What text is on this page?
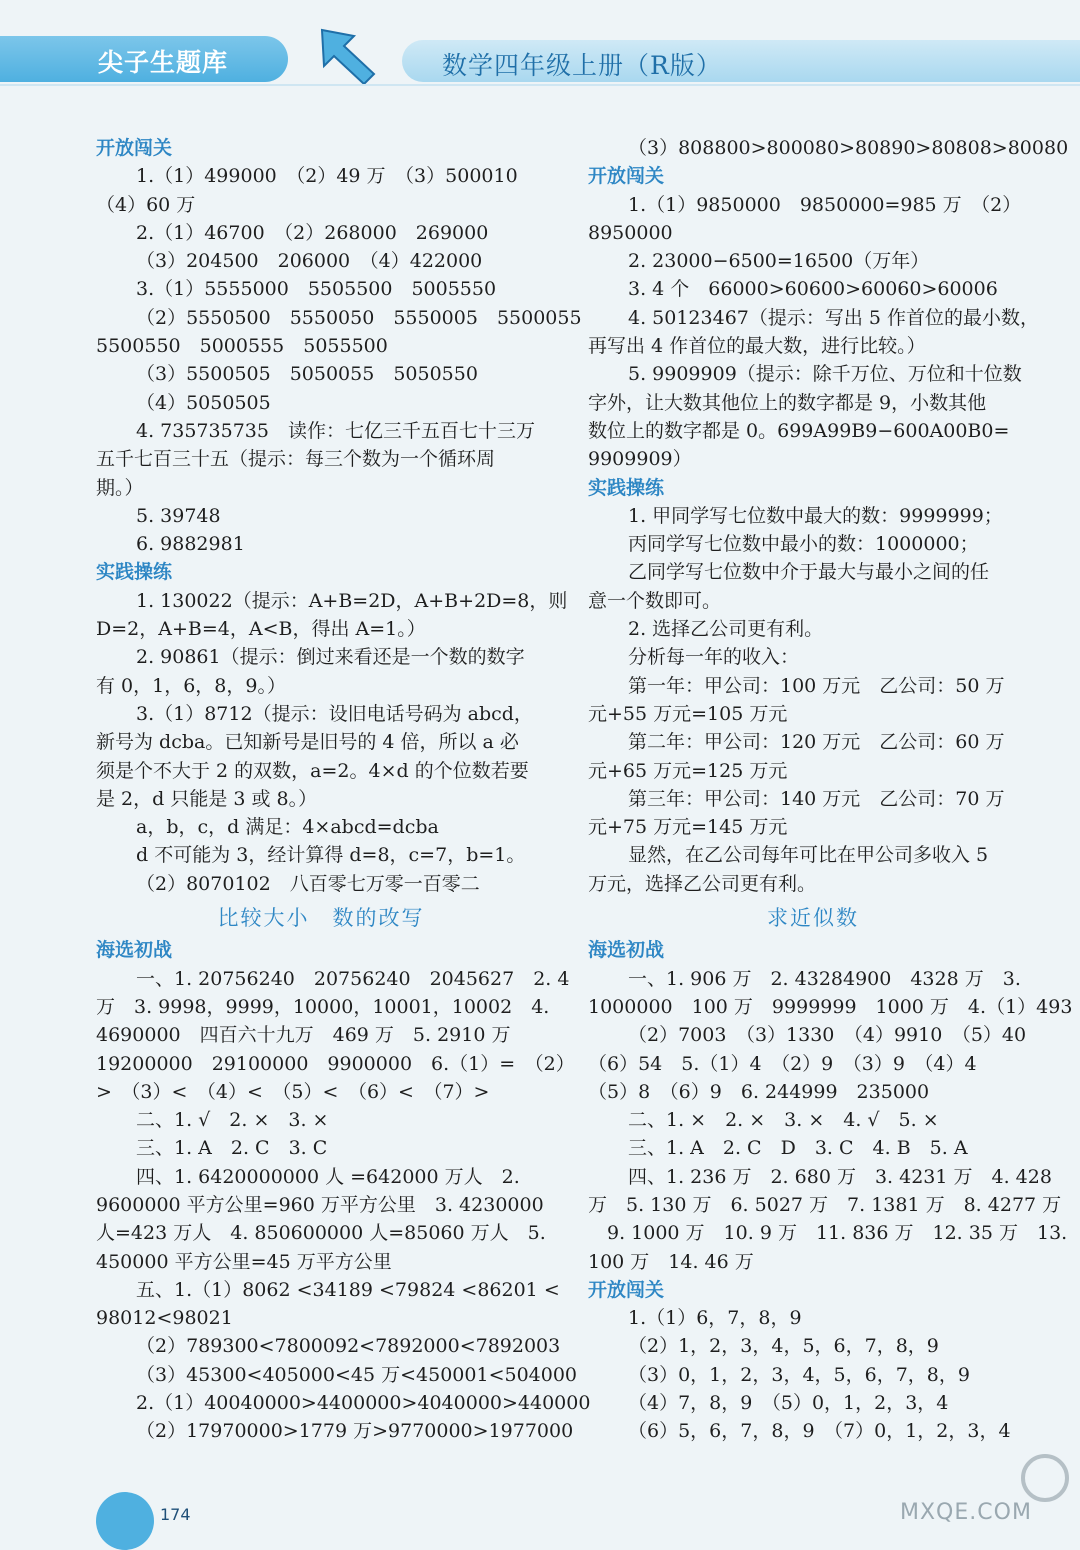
尖子生题库	数学四年级上册（R版）

开放闯关

1.（1）499000　（2）49 万　（3）500010

（4）60 万

2.（1）46700　（2）268000　269000

（3）204500　206000　（4）422000

3.（1）5555000　5505500　5005550

（2）5550500　5550050　5550005　5500055

5500550　5000555　5055500

（3）5500505　5050055　5050550

（4）5050505

4. 735735735　读作：七亿三千五百七十三万

五千七百三十五（提示：每三个数为一个循环周

期。）

5. 39748

6. 9882981

实践操练

1. 130022（提示：A+B=2D，A+B+2D=8，则

D=2，A+B=4，A<B，得出 A=1。）

2. 90861（提示：倒过来看还是一个数的数字

有 0，1，6，8，9。）

3.（1）8712（提示：设旧电话号码为 abcd，

新号为 dcba。已知新号是旧号的 4 倍，所以 a 必

须是个不大于 2 的双数，a=2。4×d 的个位数若要

是 2，d 只能是 3 或 8。）

a，b，c，d 满足：4×abcd=dcba

d 不可能为 3，经计算得 d=8，c=7，b=1。

（2）8070102　八百零七万零一百零二

比较大小　数的改写

海选初战

一、1. 20756240　20756240　2045627　2. 4

万　3. 9998，9999，10000，10001，10002　4.

4690000　四百六十九万　469 万　5. 2910 万

19200000　29100000　9900000　6.（1）=　（2）

>　（3）<　（4）<　（5）<　（6）<　（7）>

二、1. √　2. ×　3. ×

三、1. A　2. C　3. C

四、1. 6420000000 人 =642000 万人　2.

9600000 平方公里=960 万平方公里　3. 4230000

人=423 万人　4. 850600000 人=85060 万人　5.

450000 平方公里=45 万平方公里

五、1.（1）8062 <34189 <79824 <86201 <

98012<98021

（2）789300<7800092<7892000<7892003

（3）45300<405000<45 万<450001<504000

2.（1）40040000>4400000>4040000>440000

（2）17970000>1779 万>9770000>1977000

（3）808800>800080>80890>80808>80080

开放闯关

1.（1）9850000　9850000=985 万　（2）

8950000

2. 23000−6500=16500（万年）

3. 4 个　66000>60600>60060>60006

4. 50123467（提示：写出 5 作首位的最小数，

再写出 4 作首位的最大数，进行比较。）

5. 9909909（提示：除千万位、万位和十位数

字外，让大数其他位上的数字都是 9，小数其他

数位上的数字都是 0。699A99B9−600A00B0=

9909909）

实践操练

1. 甲同学写七位数中最大的数：9999999；

丙同学写七位数中最小的数：1000000；

乙同学写七位数中介于最大与最小之间的任

意一个数即可。

2. 选择乙公司更有利。

分析每一年的收入：

第一年：甲公司：100 万元　乙公司：50 万

元+55 万元=105 万元

第二年：甲公司：120 万元　乙公司：60 万

元+65 万元=125 万元

第三年：甲公司：140 万元　乙公司：70 万

元+75 万元=145 万元

显然，在乙公司每年可比在甲公司多收入 5

万元，选择乙公司更有利。

求近似数

海选初战

一、1. 906 万　2. 43284900　4328 万　3.

1000000　100 万　9999999　1000 万　4.（1）493

（2）7003　（3）1330　（4）9910　（5）40

（6）54　5.（1）4　（2）9　（3）9　（4）4

（5）8　（6）9　6. 244999　235000

二、1. ×　2. ×　3. ×　4. √　5. ×

三、1. A　2. C　D　3. C　4. B　5. A

四、1. 236 万　2. 680 万　3. 4231 万　4. 428

万　5. 130 万　6. 5027 万　7. 1381 万　8. 4277 万

　9. 1000 万　10. 9 万　11. 836 万　12. 35 万　13.

100 万　14. 46 万

开放闯关

1.（1）6，7，8，9

（2）1，2，3，4，5，6，7，8，9

（3）0，1，2，3，4，5，6，7，8，9

（4）7，8，9　（5）0，1，2，3，4

（6）5，6，7，8，9　（7）0，1，2，3，4

174	MXQE.COM
